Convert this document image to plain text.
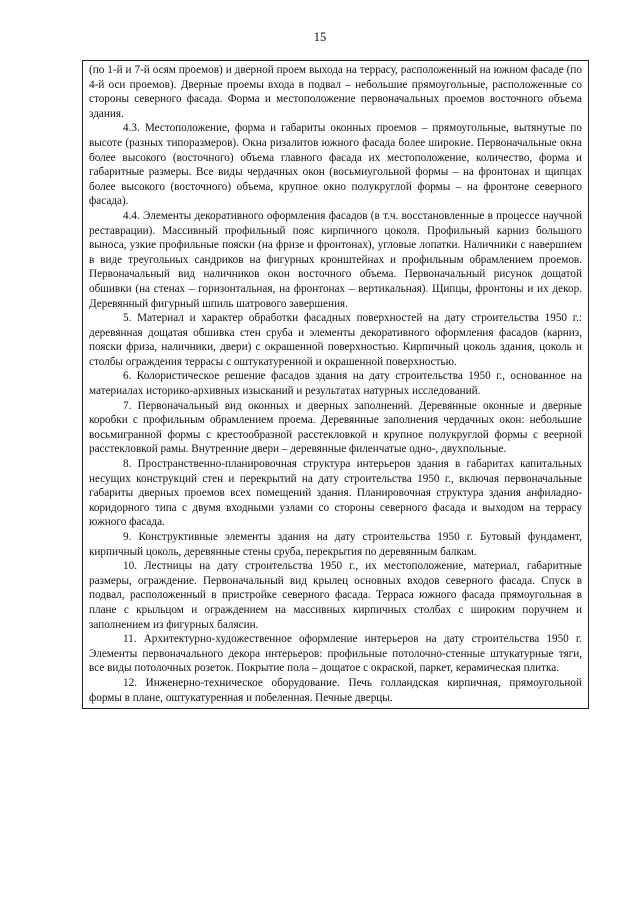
15

(по 1-й и 7-й осям проемов) и дверной проем выхода на террасу, расположенный на южном фасаде (по 4-й оси проемов). Дверные проемы входа в подвал – небольшие прямоугольные, расположенные со стороны северного фасада. Форма и местоположение первоначальных проемов восточного объема здания.

4.3. Местоположение, форма и габариты оконных проемов – прямоугольные, вытянутые по высоте (разных типоразмеров). Окна ризалитов южного фасада более широкие. Первоначальные окна более высокого (восточного) объема главного фасада их местоположение, количество, форма и габаритные размеры. Все виды чердачных окон (восьмиугольной формы – на фронтонах и щипцах более высокого (восточного) объема, крупное окно полукруглой формы – на фронтоне северного фасада).

4.4. Элементы декоративного оформления фасадов (в т.ч. восстановленные в процессе научной реставрации). Массивный профильный пояс кирпичного цоколя. Профильный карниз большого выноса, узкие профильные пояски (на фризе и фронтонах), угловые лопатки. Наличники с навершием в виде треугольных сандриков на фигурных кронштейнах и профильным обрамлением проемов. Первоначальный вид наличников окон восточного объема. Первоначальный рисунок дощатой обшивки (на стенах – горизонтальная, на фронтонах – вертикальная). Щипцы, фронтоны и их декор. Деревянный фигурный шпиль шатрового завершения.

5. Материал и характер обработки фасадных поверхностей на дату строительства 1950 г.: деревянная дощатая обшивка стен сруба и элементы декоративного оформления фасадов (карниз, пояски фриза, наличники, двери) с окрашенной поверхностью. Кирпичный цоколь здания, цоколь и столбы ограждения террасы с оштукатуренной и окрашенной поверхностью.

6. Колористическое решение фасадов здания на дату строительства 1950 г., основанное на материалах историко-архивных изысканий и результатах натурных исследований.

7. Первоначальный вид оконных и дверных заполнений. Деревянные оконные и дверные коробки с профильным обрамлением проема. Деревянные заполнения чердачных окон: небольшие восьмигранной формы с крестообразной расстекловкой и крупное полукруглой формы с веерной расстекловкой рамы. Внутренние двери – деревянные филенчатые одно-, двухпольные.

8. Пространственно-планировочная структура интерьеров здания в габаритах капитальных несущих конструкций стен и перекрытий на дату строительства 1950 г., включая первоначальные габариты дверных проемов всех помещений здания. Планировочная структура здания анфиладно-коридорного типа с двумя входными узлами со стороны северного фасада и выходом на террасу южного фасада.

9. Конструктивные элементы здания на дату строительства 1950 г. Бутовый фундамент, кирпичный цоколь, деревянные стены сруба, перекрытия по деревянным балкам.

10. Лестницы на дату строительства 1950 г., их местоположение, материал, габаритные размеры, ограждение. Первоначальный вид крылец основных входов северного фасада. Спуск в подвал, расположенный в пристройке северного фасада. Терраса южного фасада прямоугольная в плане с крыльцом и ограждением на массивных кирпичных столбах с широким поручнем и заполнением из фигурных балясин.

11. Архитектурно-художественное оформление интерьеров на дату строительства 1950 г. Элементы первоначального декора интерьеров: профильные потолочно-стенные штукатурные тяги, все виды потолочных розеток. Покрытие пола – дощатое с окраской, паркет, керамическая плитка.

12. Инженерно-техническое оборудование. Печь голландская кирпичная, прямоугольной формы в плане, оштукатуренная и побеленная. Печные дверцы.
